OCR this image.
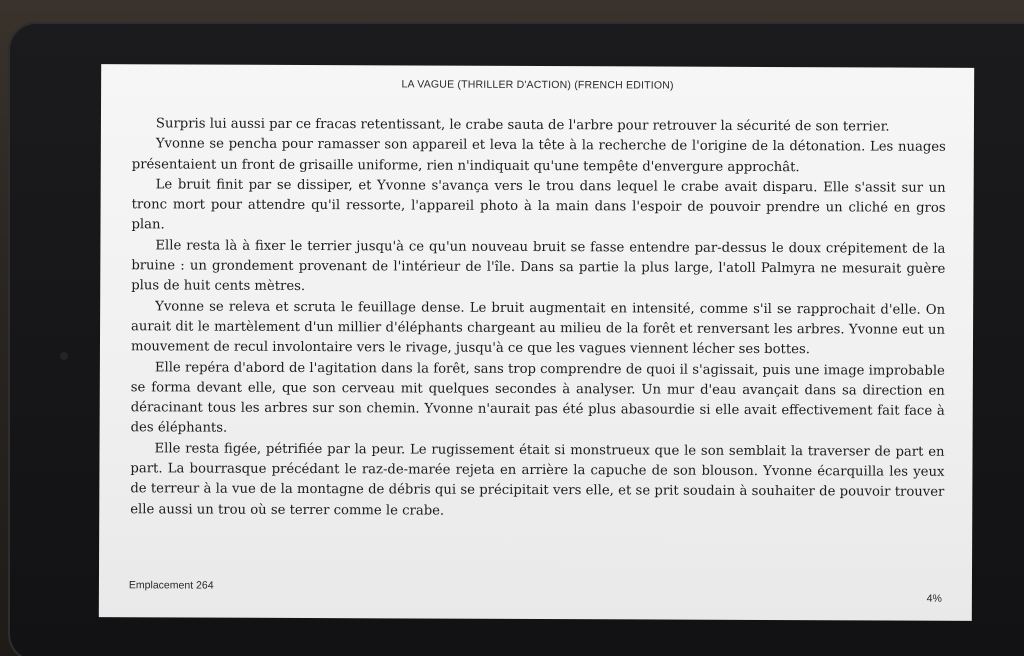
LA VAGUE (THRILLER D'ACTION) (FRENCH EDITION)

Surpris lui aussi par ce fracas retentissant, le crabe sauta de l'arbre pour retrouver la sécurité de son terrier.

Yvonne se pencha pour ramasser son appareil et leva la tête à la recherche de l'origine de la détonation. Les nuages présentaient un front de grisaille uniforme, rien n'indiquait qu'une tempête d'envergure approchât.

Le bruit finit par se dissiper, et Yvonne s'avança vers le trou dans lequel le crabe avait disparu. Elle s'assit sur un tronc mort pour attendre qu'il ressorte, l'appareil photo à la main dans l'espoir de pouvoir prendre un cliché en gros plan.

Elle resta là à fixer le terrier jusqu'à ce qu'un nouveau bruit se fasse entendre par-dessus le doux crépitement de la bruine : un grondement provenant de l'intérieur de l'île. Dans sa partie la plus large, l'atoll Palmyra ne mesurait guère plus de huit cents mètres.

Yvonne se releva et scruta le feuillage dense. Le bruit augmentait en intensité, comme s'il se rapprochait d'elle. On aurait dit le martèlement d'un millier d'éléphants chargeant au milieu de la forêt et renversant les arbres. Yvonne eut un mouvement de recul involontaire vers le rivage, jusqu'à ce que les vagues viennent lécher ses bottes.

Elle repéra d'abord de l'agitation dans la forêt, sans trop comprendre de quoi il s'agissait, puis une image improbable se forma devant elle, que son cerveau mit quelques secondes à analyser. Un mur d'eau avançait dans sa direction en déracinant tous les arbres sur son chemin. Yvonne n'aurait pas été plus abasourdie si elle avait effectivement fait face à des éléphants.

Elle resta figée, pétrifiée par la peur. Le rugissement était si monstrueux que le son semblait la traverser de part en part. La bourrasque précédant le raz-de-marée rejeta en arrière la capuche de son blouson. Yvonne écarquilla les yeux de terreur à la vue de la montagne de débris qui se précipitait vers elle, et se prit soudain à souhaiter de pouvoir trouver elle aussi un trou où se terrer comme le crabe.

Emplacement 264
4%
